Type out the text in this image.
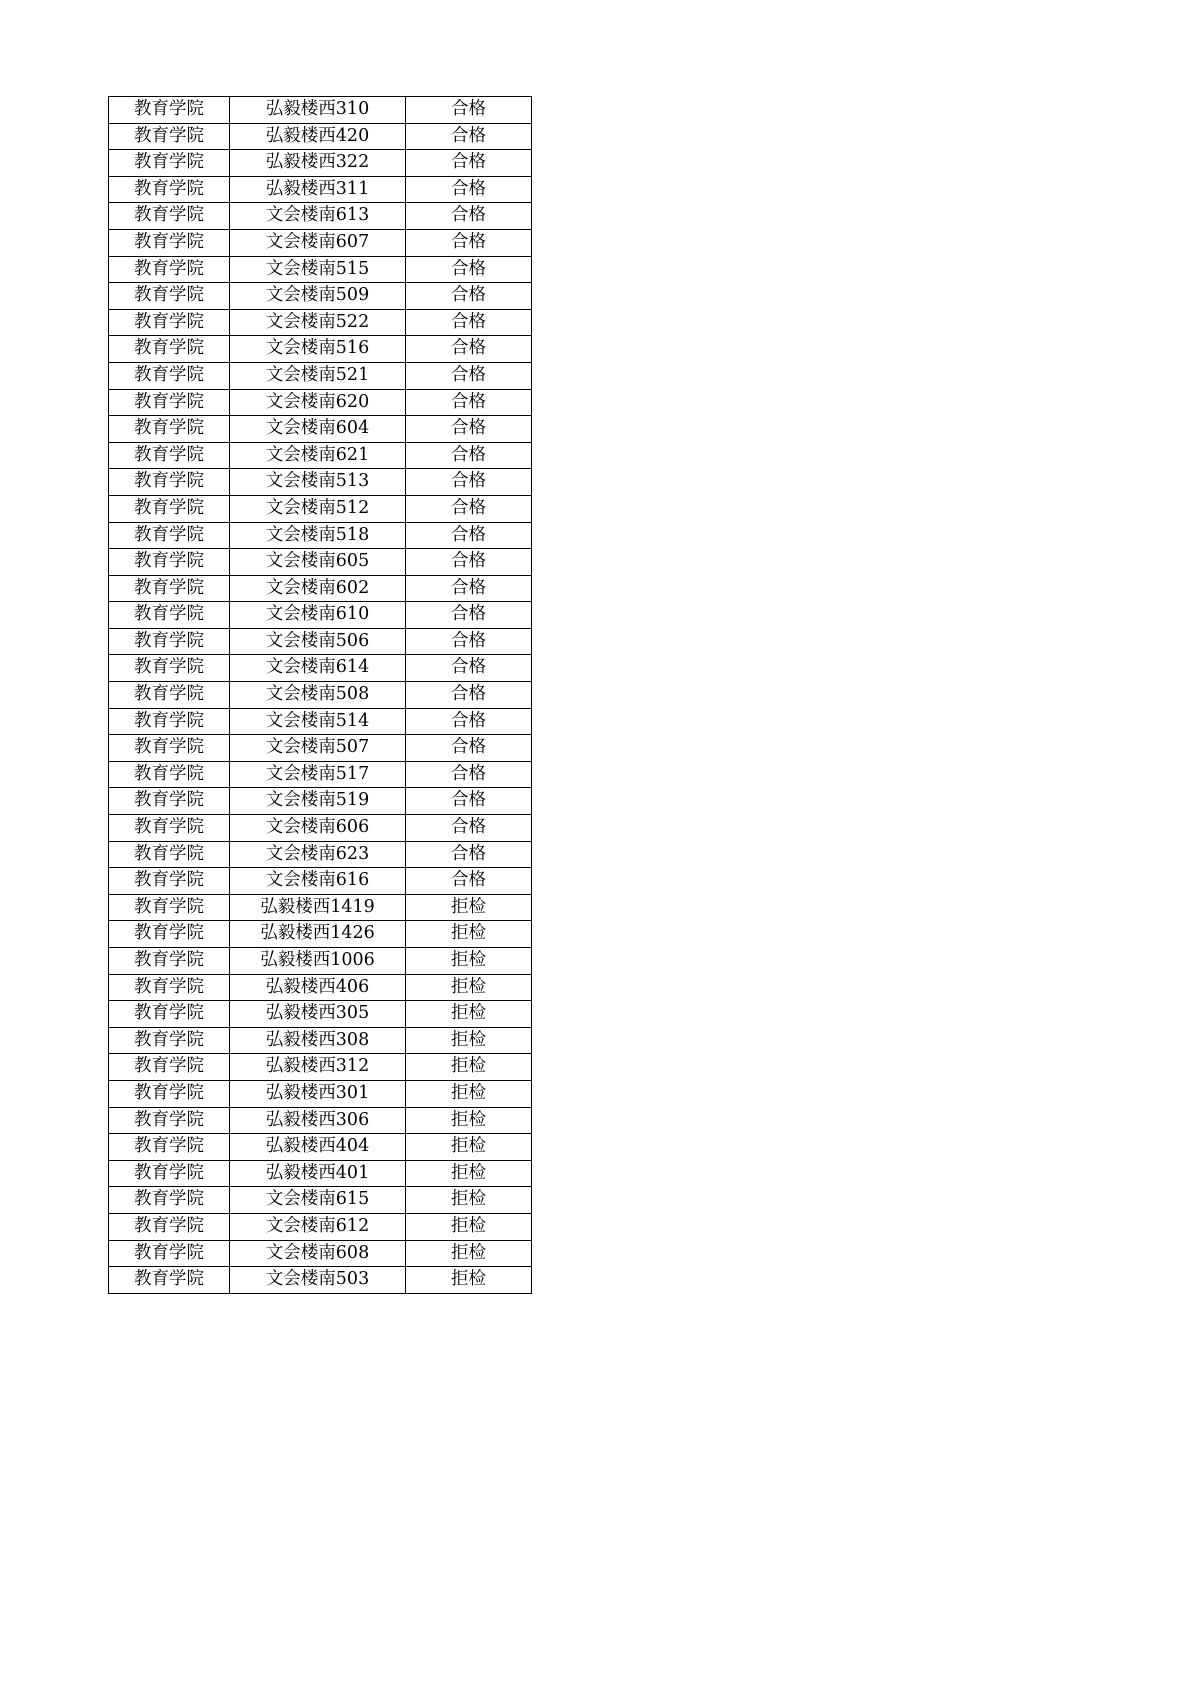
教育学院	弘毅楼西310	合格
教育学院	弘毅楼西420	合格
教育学院	弘毅楼西322	合格
教育学院	弘毅楼西311	合格
教育学院	文会楼南613	合格
教育学院	文会楼南607	合格
教育学院	文会楼南515	合格
教育学院	文会楼南509	合格
教育学院	文会楼南522	合格
教育学院	文会楼南516	合格
教育学院	文会楼南521	合格
教育学院	文会楼南620	合格
教育学院	文会楼南604	合格
教育学院	文会楼南621	合格
教育学院	文会楼南513	合格
教育学院	文会楼南512	合格
教育学院	文会楼南518	合格
教育学院	文会楼南605	合格
教育学院	文会楼南602	合格
教育学院	文会楼南610	合格
教育学院	文会楼南506	合格
教育学院	文会楼南614	合格
教育学院	文会楼南508	合格
教育学院	文会楼南514	合格
教育学院	文会楼南507	合格
教育学院	文会楼南517	合格
教育学院	文会楼南519	合格
教育学院	文会楼南606	合格
教育学院	文会楼南623	合格
教育学院	文会楼南616	合格
教育学院	弘毅楼西1419	拒检
教育学院	弘毅楼西1426	拒检
教育学院	弘毅楼西1006	拒检
教育学院	弘毅楼西406	拒检
教育学院	弘毅楼西305	拒检
教育学院	弘毅楼西308	拒检
教育学院	弘毅楼西312	拒检
教育学院	弘毅楼西301	拒检
教育学院	弘毅楼西306	拒检
教育学院	弘毅楼西404	拒检
教育学院	弘毅楼西401	拒检
教育学院	文会楼南615	拒检
教育学院	文会楼南612	拒检
教育学院	文会楼南608	拒检
教育学院	文会楼南503	拒检
